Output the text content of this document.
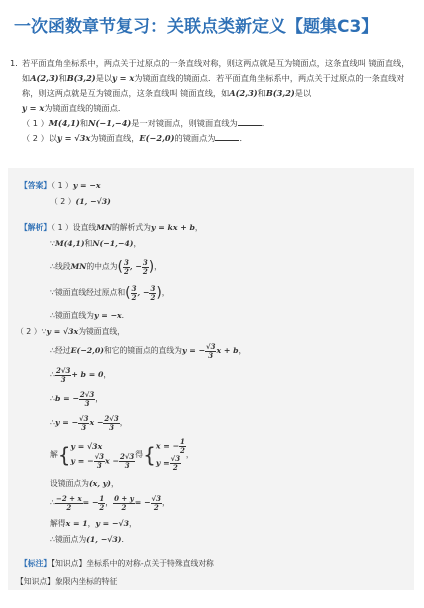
一次函数章节复习：关联点类新定义【题集C3】
1. 若平面直角坐标系中，两点关于过原点的一条直线对称，则这两点就是互为镜面点，这条直线叫 镜面直线，如A(2,3)和B(3,2)是以y = x为镜面直线的镜面点．若平面直角坐标系中，两点关于过原点的一条直线对称，则这两点就是互为镜面点，这条直线叫 镜面直线，如A(2,3)和B(3,2)是以
y = x为镜面直线的镜面点．

（ 1 ）M(4,1)和N(−1,−4)是一对镜面点，则镜面直线为	．

（ 2 ）以y = √3x为镜面直线，E(−2,0)的镜面点为	．

【答案】（ 1 ）y = −x
（ 2 ）(1, −√3)
【解析】（ 1 ）设直线MN的解析式为y = kx + b，
∵M(4,1)和N(−1,−4)，
∴线段MN的中点为( $\frac{3}{2}$ , − $\frac{3}{2}$ )，
∵镜面直线经过原点和( $\frac{3}{2}$ , − $\frac{3}{2}$ )，
∴镜面直线为y = −x．
（ 2 ）∵y = √3x为镜面直线，
∴经过E(−2,0)和它的镜面点的直线为y = − $\frac{√3}{3}$ x + b，
∴ $\frac{2√3}{3} + b = 0$，
∴b = − $\frac{2√3}{3}$ ，
∴y = − $\frac{√3}{3}$ $x - \frac{2√3}{3}$ ，
解{y = √3x
y = − $\frac{√3}{3}$ $x - \frac{2√3}{3}$ 得{x = − $\frac{1}{2}$

$y = \frac{√3}{2}$
，
设镜面点为(x, y)，
∴ $\frac{-2 + x}{2}$ = − $\frac{1}{2}$ ， $\frac{0 + y}{2}$ = − $\frac{√3}{2}$ ，
解得x = 1，y = −√3，
∴镜面点为(1, −√3)．
【标注】【知识点】坐标系中的对称-点关于特殊直线对称
【知识点】象限内坐标的特征
